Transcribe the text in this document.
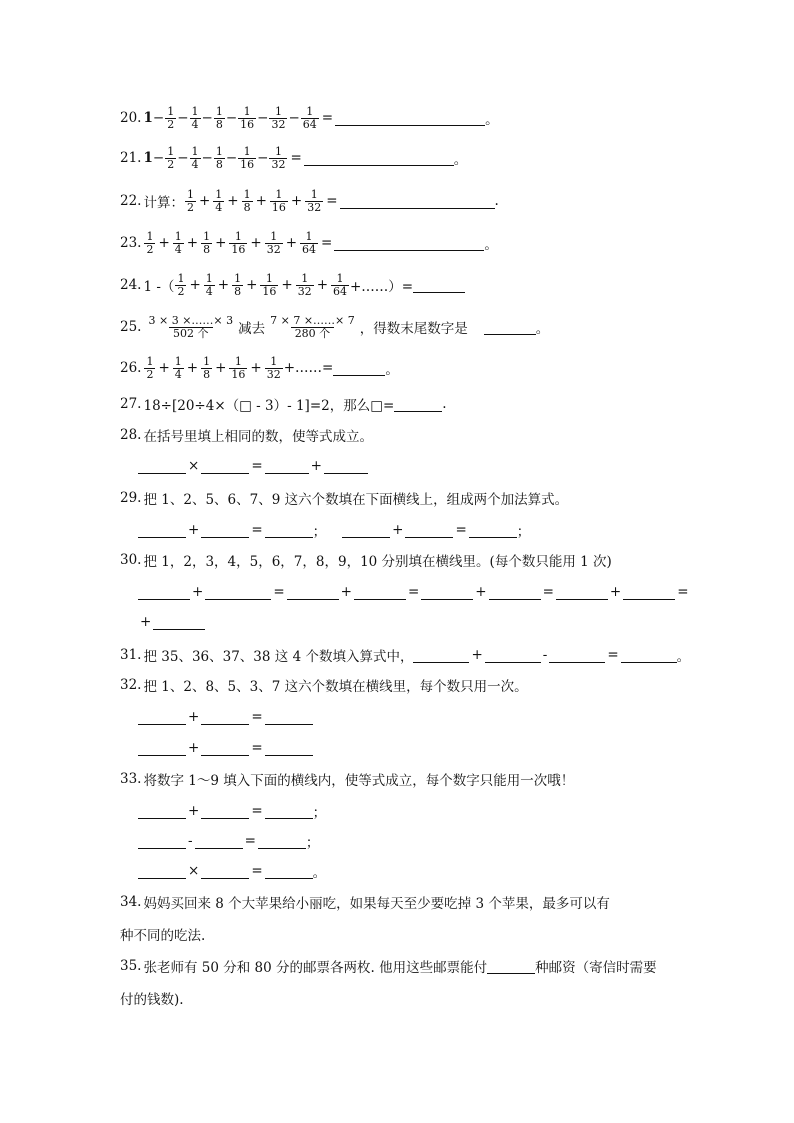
20. $1 - \frac{1}{2} - \frac{1}{4} - \frac{1}{8} - \frac{1}{16} - \frac{1}{32} - \frac{1}{64}$ =	。
21. $1 - \frac{1}{2} - \frac{1}{4} - \frac{1}{8} - \frac{1}{16} - \frac{1}{32}$ =	。
22. 计算： $\frac{1}{2} + \frac{1}{4} + \frac{1}{8} + \frac{1}{16} + \frac{1}{32}$ =	.
23. $\frac{1}{2} + \frac{1}{4} + \frac{1}{8} + \frac{1}{16} + \frac{1}{32} + \frac{1}{64}$ =	。
24. 1 -（ $\frac{1}{2} + \frac{1}{4} + \frac{1}{8} + \frac{1}{16} + \frac{1}{32} + \frac{1}{64}$ +……）=
25. $\frac{3 \times 3 \times\dots\dots\times 3}{\text{502 个}}$ 减去 $\frac{7 \times 7 \times\dots\dots\times 7}{\text{280 个}}$ ，得数末尾数字是	。
26. $\frac{1}{2} + \frac{1}{4} + \frac{1}{8} + \frac{1}{16} + \frac{1}{32}$ +……=	。
27. 18÷[20÷4×（□ - 3）- 1]=2，那么□=	.
28. 在括号里填上相同的数，使等式成立。
×	=	+
29. 把 1、2、5、6、7、9 这六个数填在下面横线上，组成两个加法算式。
+	=	；	+	=	；
30. 把 1，2，3，4，5，6，7，8，9，10 分别填在横线里。(每个数只能用 1 次)
+	=	+	=	+	=	+	=
+
31. 把 35、36、37、38 这 4 个数填入算式中，	+	-	=	。
32. 把 1、2、8、5、3、7 这六个数填在横线里，每个数只用一次。
+	=
+	=
33. 将数字 1～9 填入下面的横线内，使等式成立，每个数字只能用一次哦！
+	=	；
-	=	；
×	=	。
34. 妈妈买回来 8 个大苹果给小丽吃，如果每天至少要吃掉 3 个苹果，最多可以有
种不同的吃法.
35. 张老师有 50 分和 80 分的邮票各两枚. 他用这些邮票能付	种邮资（寄信时需要
付的钱数).
